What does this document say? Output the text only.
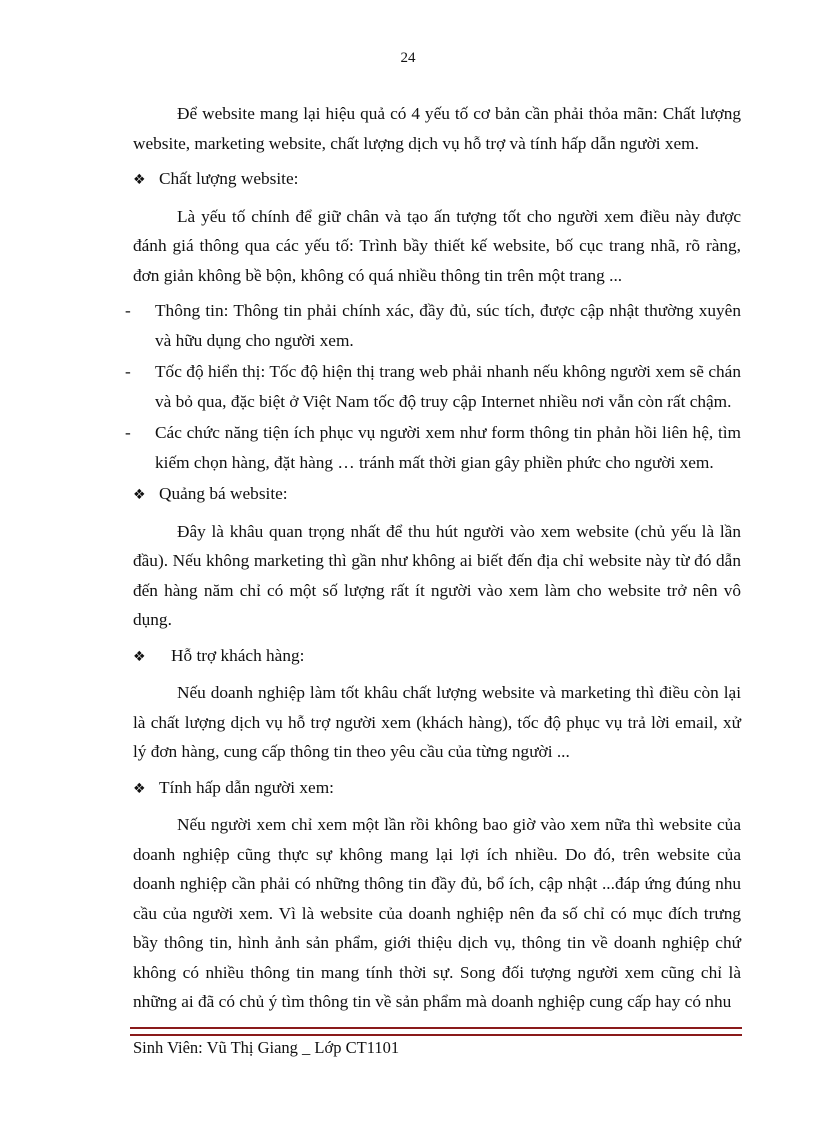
24

Để website mang lại hiệu quả có 4 yếu tố cơ bản cần phải thỏa mãn: Chất lượng website, marketing website, chất lượng dịch vụ hỗ trợ và tính hấp dẫn người xem.

❖ Chất lượng website:

Là yếu tố chính để giữ chân và tạo ấn tượng tốt cho người xem điều này được đánh giá thông qua các yếu tố: Trình bầy thiết kế website, bố cục trang nhã, rõ ràng, đơn giản không bề bộn, không có quá nhiều thông tin trên một trang ...

-	Thông tin: Thông tin phải chính xác, đầy đủ, súc tích, được cập nhật thường xuyên và hữu dụng cho người xem.
-	Tốc độ hiển thị: Tốc độ hiện thị trang web phải nhanh nếu không người xem sẽ chán và bỏ qua, đặc biệt ở Việt Nam tốc độ truy cập Internet nhiều nơi vẫn còn rất chậm.
-	Các chức năng tiện ích phục vụ người xem như form thông tin phản hồi liên hệ, tìm kiếm chọn hàng, đặt hàng … tránh mất thời gian gây phiền phức cho người xem.
❖ Quảng bá website:

Đây là khâu quan trọng nhất để thu hút người vào xem website (chủ yếu là lần đầu). Nếu không marketing thì gần như không ai biết đến địa chỉ website này từ đó dẫn đến hàng năm chỉ có một số lượng rất ít người vào xem làm cho website trở nên vô dụng.

❖	Hỗ trợ khách hàng:

Nếu doanh nghiệp làm tốt khâu chất lượng website và marketing thì điều còn lại là chất lượng dịch vụ hỗ trợ người xem (khách hàng), tốc độ phục vụ trả lời email, xử lý đơn hàng, cung cấp thông tin theo yêu cầu của từng người ...

❖ Tính hấp dẫn người xem:

Nếu người xem chỉ xem một lần rồi không bao giờ vào xem nữa thì website của doanh nghiệp cũng thực sự không mang lại lợi ích nhiều. Do đó, trên website của doanh nghiệp cần phải có những thông tin đầy đủ, bổ ích, cập nhật ...đáp ứng đúng nhu cầu của người xem. Vì là website của doanh nghiệp nên đa số chỉ có mục đích trưng bầy thông tin, hình ảnh sản phẩm, giới thiệu dịch vụ, thông tin về doanh nghiệp chứ không có nhiều thông tin mang tính thời sự. Song đối tượng người xem cũng chỉ là những ai đã có chủ ý tìm thông tin về sản phẩm mà doanh nghiệp cung cấp hay có nhu

Sinh Viên: Vũ Thị Giang _ Lớp CT1101
